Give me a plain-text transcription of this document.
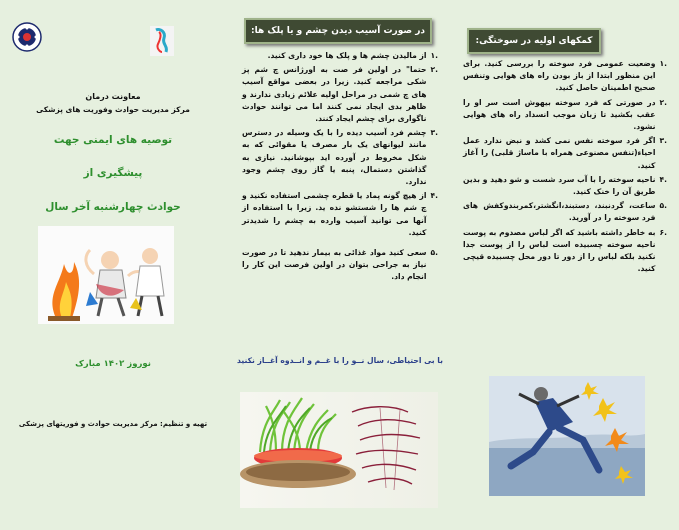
معاونت درمان
مرکز مدیریت حوادث وفوریت های پزشکی
توصیه های ایمنی جهت
پیشگیری از
حوادث چهارشنبه آخر سال
نوروز ۱۴۰۲ مبارک
تهیه و تنظیم: مرکز مدیریت حوادث و فوریتهای پزشکی
در صورت آسیب دیدن چشم و یا پلک ها:
.۱
از مالیدن چشم ها و پلک ها خود داری کنید.
.۲
حتما" در اولین فر صت به اورژانس چ شم پز شکی مراجعه کنید. زیرا در بعضی مواقع آسیب های چ شمی در مراحل اولیه علائم زیادی ندارند و ظاهر بدی ایجاد نمی کنند اما می توانند حوادث ناگواری برای چشم ایجاد کنند.
.۳
چشم فرد آسیب دیده را با یک وسیله در دسترس مانند لیوانهای یک بار مصرف یا مقوائی که به شکل مخروط در آورده اید بپوشانید. نیازی به گذاشتن دستمال، پنبه یا گاز روی چشم وجود ندارد.
.۴
از هیچ گونه پماد یا قطره چشمی استفاده نکنید و چ شم ها را شستشو نده ید. زیرا با استفاده از آنها می توانید آسیب وارده به چشم را شدیدتر کنید.
.۵
سعی کنید مواد غذائی به بیمار ندهید تا در صورت نیاز به جراحی بتوان در اولین فرصت این کار را انجام داد.
با بی احتیاطی، سال نــو را با غــم و انــدوه آغــاز نکنید
کمکهای اولیه در سوختگی:
.۱
وضعیت عمومی فرد سوخته را بررسی کنید. برای این منظور ابتدا از باز بودن راه های هوایی وتنفس صحیح اطمینان حاصل کنید.
.۲
در صورتی که فرد سوخته بیهوش است سر او را عقب بکشید تا زبان موجب انسداد راه های هوایی نشود.
.۳
اگر فرد سوخته نفس نمی کشد و نبض ندارد عمل احیاء(تنفس مصنوعی همراه با ماساژ قلبی) را آغاز کنید.
.۴
ناحیه سوخته را با آب سرد شست و شو دهید و بدین طریق آن را خنک کنید.
.۵
ساعت، گردنبند، دستبند،انگشتر،کمربندوکفش های فرد سوخته را در آورید.
.۶
به خاطر داشته باشید که اگر لباس مصدوم به پوست ناحیه سوخته چسبیده است لباس را از پوست جدا نکنید بلکه لباس را از دور تا دور محل چسبیده قیچی کنید.
